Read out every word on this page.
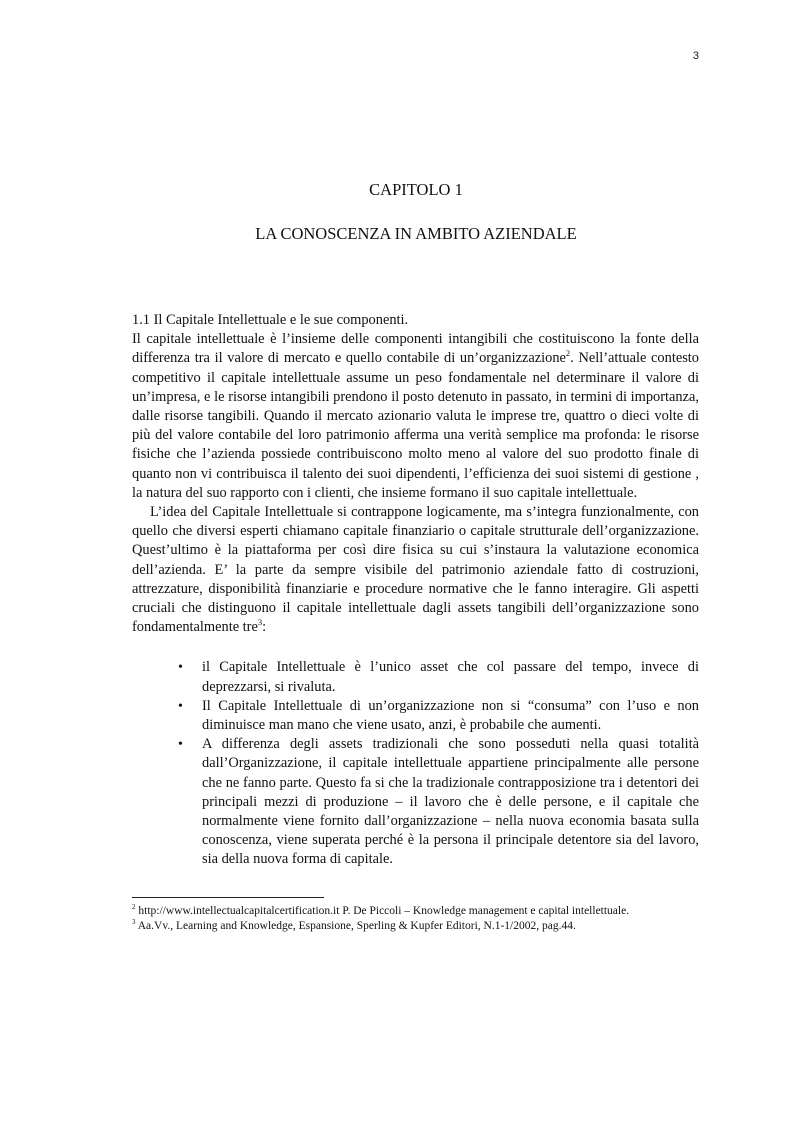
3
CAPITOLO 1
LA CONOSCENZA IN AMBITO AZIENDALE

1.1 Il Capitale Intellettuale e le sue componenti.

Il capitale intellettuale è l’insieme delle componenti intangibili che costituiscono la fonte della differenza tra il valore di mercato e quello contabile di un’organizzazione$^2$. Nell’attuale contesto competitivo il capitale intellettuale assume un peso fondamentale nel determinare il valore di un’impresa, e le risorse intangibili prendono il posto detenuto in passato, in termini di importanza, dalle risorse tangibili. Quando il mercato azionario valuta le imprese tre, quattro o dieci volte di più del valore contabile del loro patrimonio afferma una verità semplice ma profonda: le risorse fisiche che l’azienda possiede contribuiscono molto meno al valore del suo prodotto finale di quanto non vi contribuisca il talento dei suoi dipendenti, l’efficienza dei suoi sistemi di gestione , la natura del suo rapporto con i clienti, che insieme formano il suo capitale intellettuale.

L’idea del Capitale Intellettuale si contrappone logicamente, ma s’integra funzionalmente, con quello che diversi esperti chiamano capitale finanziario o capitale strutturale dell’organizzazione. Quest’ultimo è la piattaforma per così dire fisica su cui s’instaura la valutazione economica dell’azienda. E’ la parte da sempre visibile del patrimonio aziendale fatto di costruzioni, attrezzature, disponibilità finanziarie e procedure normative che le fanno interagire. Gli aspetti cruciali che distinguono il capitale intellettuale dagli assets tangibili dell’organizzazione sono fondamentalmente tre$^3$:

• il Capitale Intellettuale è l’unico asset che col passare del tempo, invece di deprezzarsi, si rivaluta.
• Il Capitale Intellettuale di un’organizzazione non si “consuma” con l’uso e non diminuisce man mano che viene usato, anzi, è probabile che aumenti.
• A differenza degli assets tradizionali che sono posseduti nella quasi totalità dall’Organizzazione, il capitale intellettuale appartiene principalmente alle persone che ne fanno parte. Questo fa si che la tradizionale contrapposizione tra i detentori dei principali mezzi di produzione – il lavoro che è delle persone, e il capitale che normalmente viene fornito dall’organizzazione – nella nuova economia basata sulla conoscenza, viene superata perché è la persona il principale detentore sia del lavoro, sia della nuova forma di capitale.

$^2$ http://www.intellectualcapitalcertification.it P. De Piccoli – Knowledge management e capital intellettuale.

$^3$ Aa.Vv., Learning and Knowledge, Espansione, Sperling & Kupfer Editori, N.1-1/2002, pag.44.
